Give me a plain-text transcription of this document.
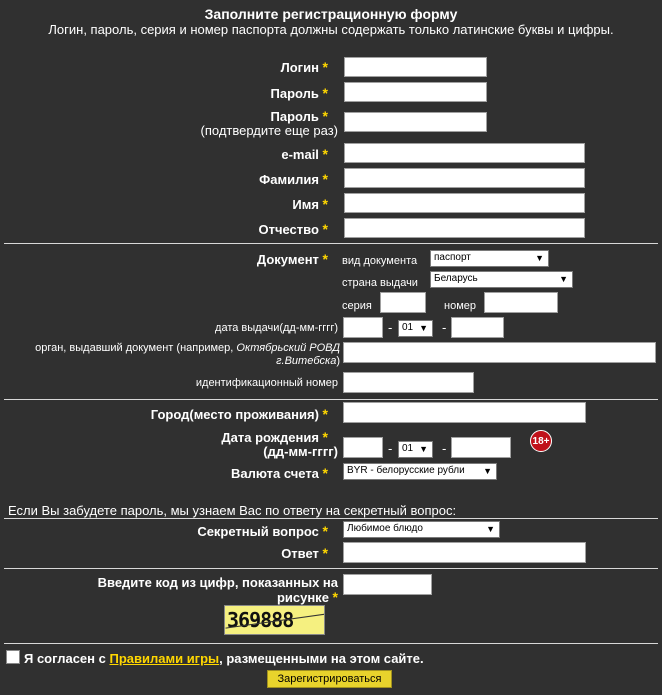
Заполните регистрационную форму
Логин, пароль, серия и номер паспорта должны содержать только латинские буквы и цифры.
Логин *
Пароль *
Пароль *
(подтвердите еще раз)
e-mail *
Фамилия *
Имя *
Отчество *
Документ * вид документа	паспорт	▼
страна выдачи	Беларусь	▼
серия	номер
дата выдачи(дд-мм-гггг)	- 01 ▼ -
орган, выдавший документ (например, Октябрьский РОВД
г.Витебска)
идентификационный номер
Город(место проживания) *
Дата рождения *
(дд-мм-гггг)	- 01 ▼ -	18+
Валюта счета *	BYR - белорусские рубли ▼
Если Вы забудете пароль, мы узнаем Вас по ответу на секретный вопрос:
Секретный вопрос *	Любимое блюдо	▼
Ответ *
Введите код из цифр, показанных на
рисунке *
369888
Я согласен с Правилами игры, размещенными на этом сайте.
Зарегистрироваться
